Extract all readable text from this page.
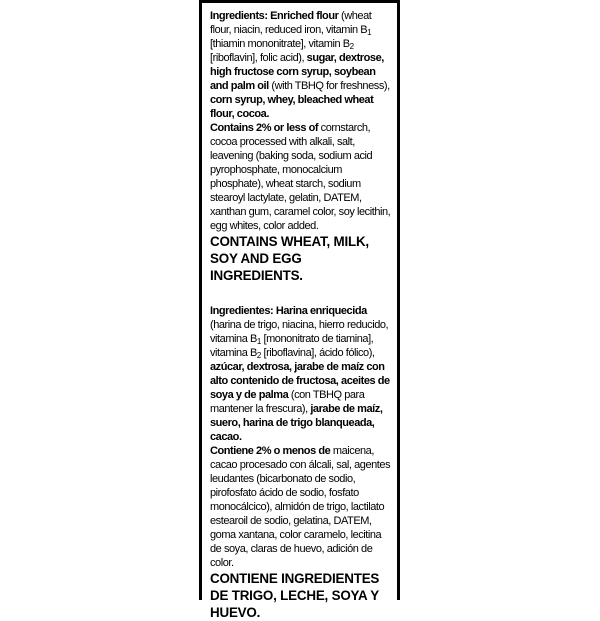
Ingredients: Enriched flour (wheat flour, niacin, reduced iron, vitamin $B_1$ [thiamin mononitrate], vitamin $B_2$ [riboflavin], folic acid), sugar, dextrose, high fructose corn syrup, soybean and palm oil (with TBHQ for freshness), corn syrup, whey, bleached wheat flour, cocoa.

Contains 2% or less of cornstarch, cocoa processed with alkali, salt, leavening (baking soda, sodium acid pyrophosphate, monocalcium phosphate), wheat starch, sodium stearoyl lactylate, gelatin, DATEM, xanthan gum, caramel color, soy lecithin, egg whites, color added.

CONTAINS WHEAT, MILK, SOY AND EGG INGREDIENTS.

Ingredientes: Harina enriquecida (harina de trigo, niacina, hierro reducido, vitamina $B_1$ [mononitrato de tiamina], vitamina $B_2$ [riboflavina], ácido fólico), azúcar, dextrosa, jarabe de maíz con alto contenido de fructosa, aceites de soya y de palma (con TBHQ para mantener la frescura), jarabe de maíz, suero, harina de trigo blanqueada, cacao.

Contiene 2% o menos de maicena, cacao procesado con álcali, sal, agentes leudantes (bicarbonato de sodio, pirofosfato ácido de sodio, fosfato monocálcico), almidón de trigo, lactilato estearoil de sodio, gelatina, DATEM, goma xantana, color caramelo, lecitina de soya, claras de huevo, adición de color.

CONTIENE INGREDIENTES DE TRIGO, LECHE, SOYA Y HUEVO.
